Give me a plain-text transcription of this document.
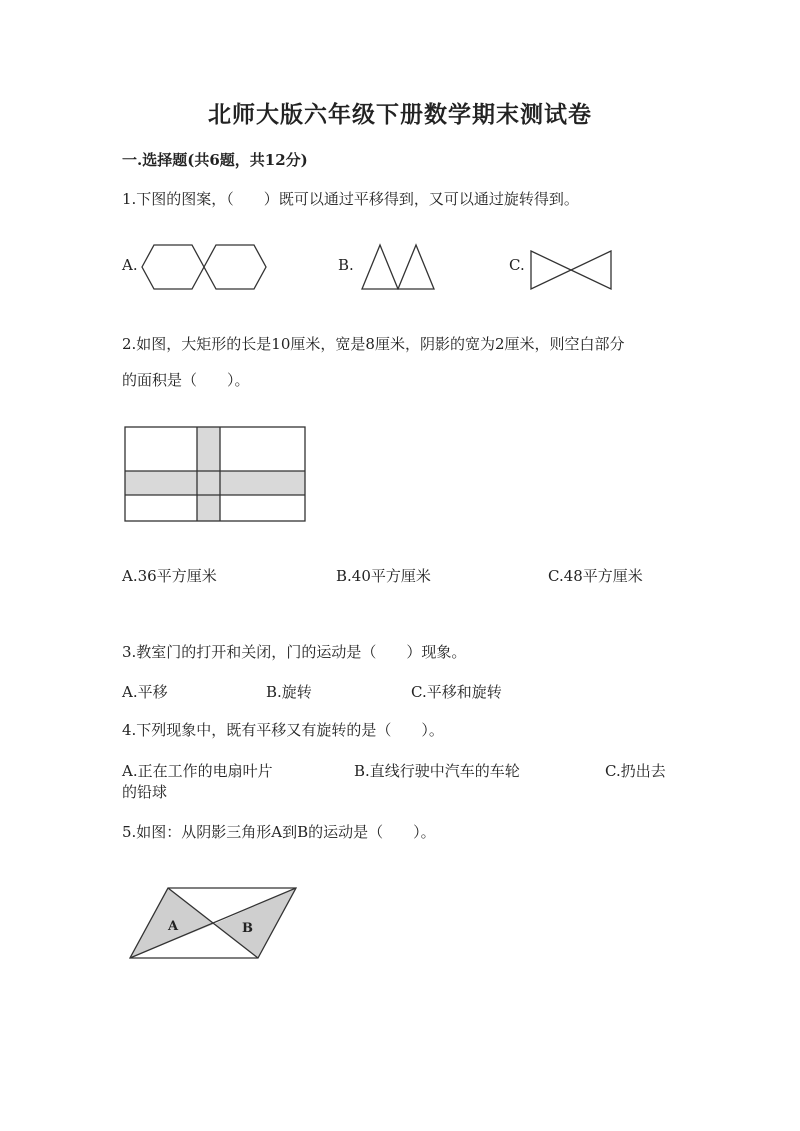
北师大版六年级下册数学期末测试卷
一.选择题(共6题，共12分)
1.下图的图案，（　　）既可以通过平移得到，又可以通过旋转得到。
A.	B.	C.
2.如图，大矩形的长是10厘米，宽是8厘米，阴影的宽为2厘米，则空白部分
的面积是（　　）。
A.36平方厘米	B.40平方厘米	C.48平方厘米
3.教室门的打开和关闭，门的运动是（　　）现象。
A.平移	B.旋转	C.平移和旋转
4.下列现象中，既有平移又有旋转的是（　　）。
A.正在工作的电扇叶片	B.直线行驶中汽车的车轮	C.扔出去
的铅球
5.如图：从阴影三角形A到B的运动是（　　）。
A	B
